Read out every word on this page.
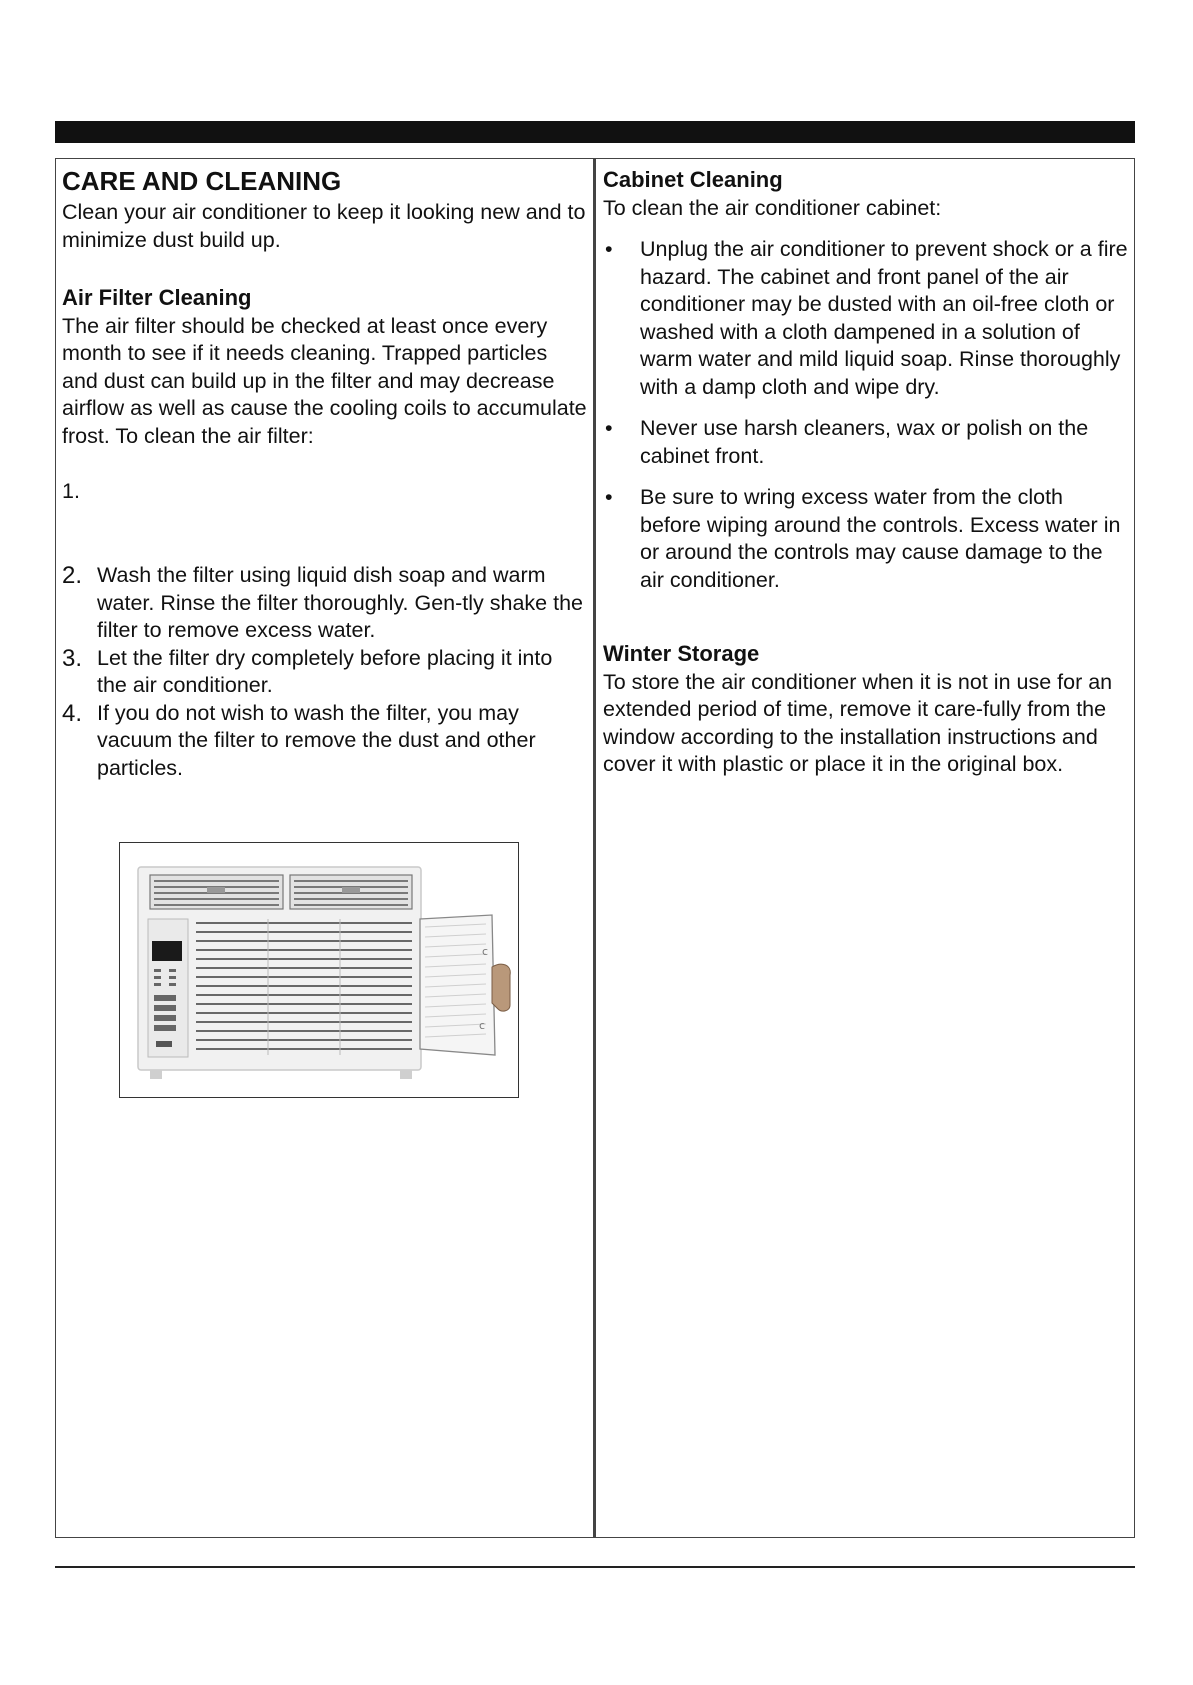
CARE AND CLEANING

Clean your air conditioner to keep it looking new and to minimize dust build up.

Air Filter Cleaning

The air filter should be checked at least once every month to see if it needs cleaning. Trapped particles and dust can build up in the filter and may decrease airflow as well as cause the cooling coils to accumulate frost. To clean the air filter:

1.
2. Wash the filter using liquid dish soap and warm water. Rinse the filter thoroughly. Gen-tly shake the filter to remove excess water.
3. Let the filter dry completely before placing it into the air conditioner.
4. If you do not wish to wash the filter, you may vacuum the filter to remove the dust and other particles.
c
c
Cabinet Cleaning

To clean the air conditioner cabinet:

•	Unplug the air conditioner to prevent shock or a fire hazard. The cabinet and front panel of the air conditioner may be dusted with an oil-free cloth or washed with a cloth dampened in a solution of warm water and mild liquid soap. Rinse thoroughly with a damp cloth and wipe dry.
•	Never use harsh cleaners, wax or polish on the cabinet front.
•	Be sure to wring excess water from the cloth before wiping around the controls. Excess water in or around the controls may cause damage to the air conditioner.
Winter Storage

To store the air conditioner when it is not in use for an extended period of time, remove it care-fully from the window according to the installation instructions and cover it with plastic or place it in the original box.
